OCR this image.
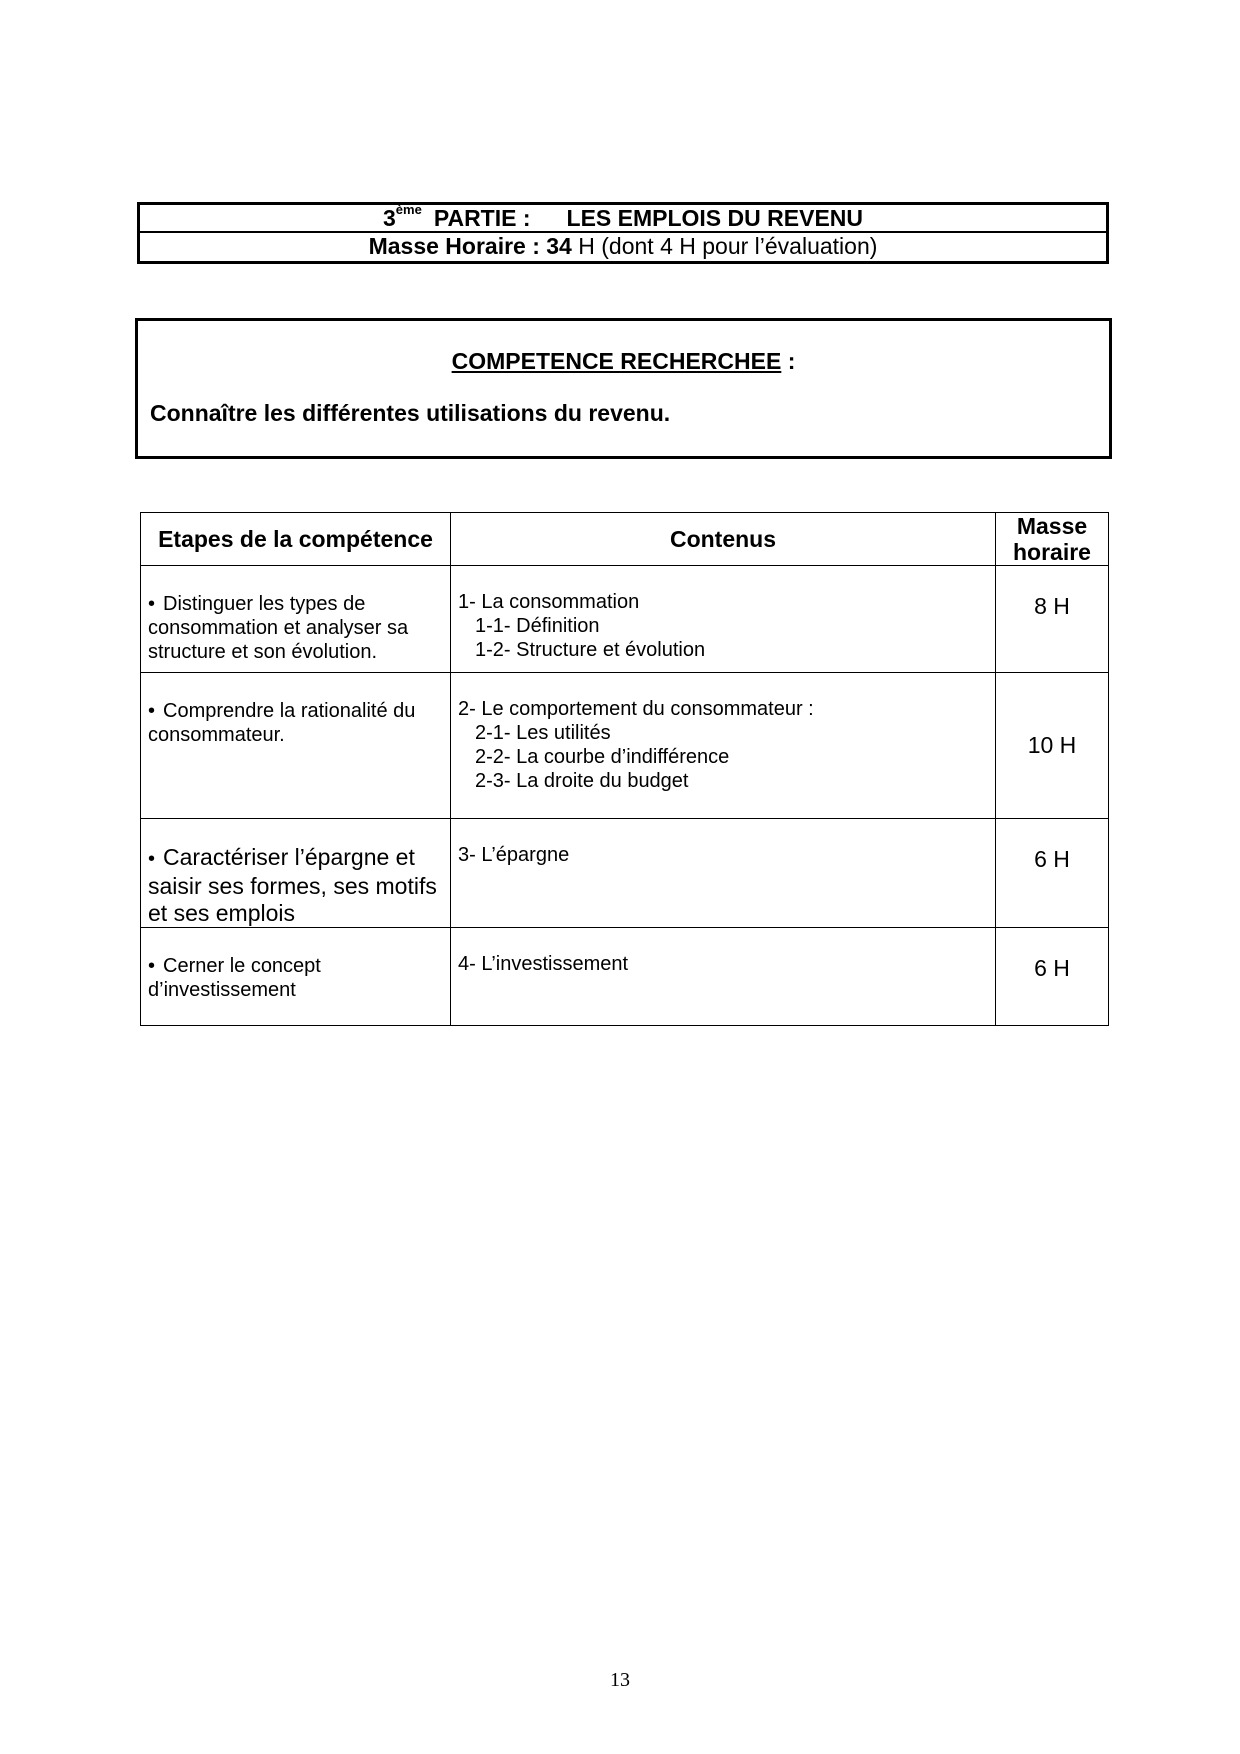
3ème PARTIE : LES EMPLOIS DU REVENU
Masse Horaire : 34 H (dont 4 H pour l’évaluation)
COMPETENCE RECHERCHEE :
Connaître les différentes utilisations du revenu.
Etapes de la compétence	Contenus	Masse horaire
• Distinguer les types de consommation et analyser sa structure et son évolution.	1- La consommation
1-1- Définition
1-2- Structure et évolution	8 H
• Comprendre la rationalité du consommateur.	2- Le comportement du consommateur :
2-1- Les utilités
2-2- La courbe d’indifférence
2-3- La droite du budget	10 H
• Caractériser l’épargne et saisir ses formes, ses motifs et ses emplois	3- L’épargne	6 H
• Cerner le concept d’investissement	4- L’investissement	6 H
13
